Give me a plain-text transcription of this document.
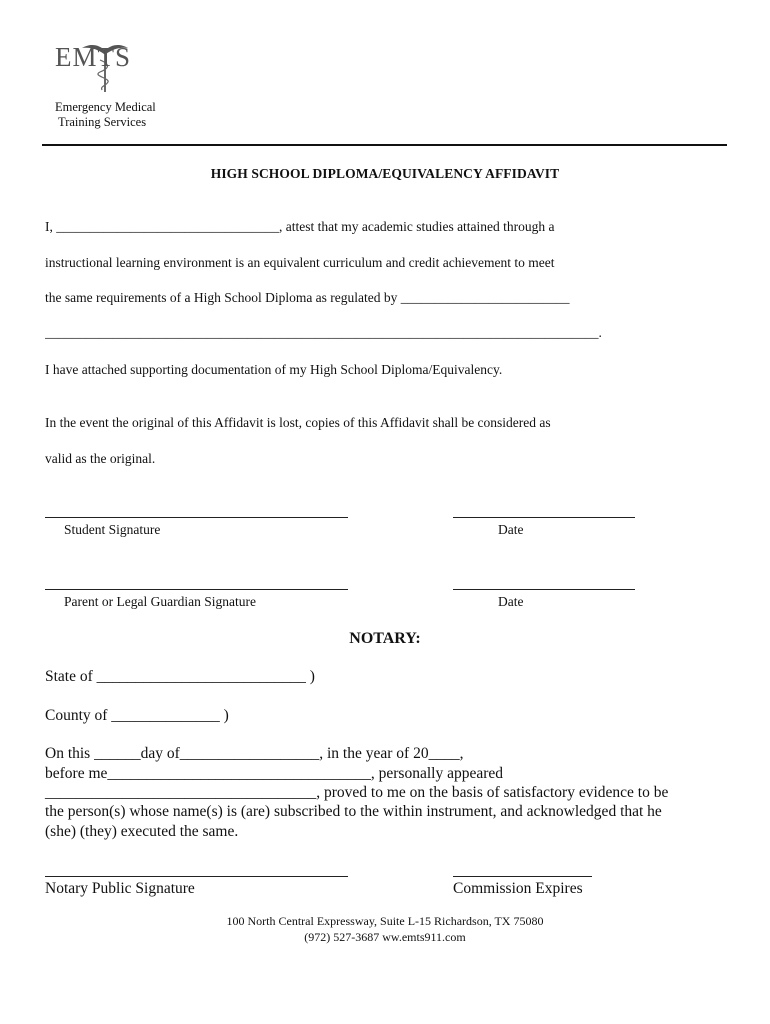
EMTS
Emergency Medical
Training Services
HIGH SCHOOL DIPLOMA/EQUIVALENCY AFFIDAVIT
I, _________________________________, attest that my academic studies attained through a
instructional learning environment is an equivalent curriculum and credit achievement to meet
the same requirements of a High School Diploma as regulated by _________________________
__________________________________________________________________________________.
I have attached supporting documentation of my High School Diploma/Equivalency.
In the event the original of this Affidavit is lost, copies of this Affidavit shall be considered as
valid as the original.
Student Signature	Date
Parent or Legal Guardian Signature	Date
NOTARY:
State of ___________________________ )
County of ______________ )
On this ______day of__________________, in the year of 20____,
before me__________________________________, personally appeared
___________________________________, proved to me on the basis of satisfactory evidence to be
the person(s) whose name(s) is (are) subscribed to the within instrument, and acknowledged that he
(she) (they) executed the same.
Notary Public Signature	Commission Expires
100 North Central Expressway, Suite L-15 Richardson, TX 75080
(972) 527-3687 ww.emts911.com
